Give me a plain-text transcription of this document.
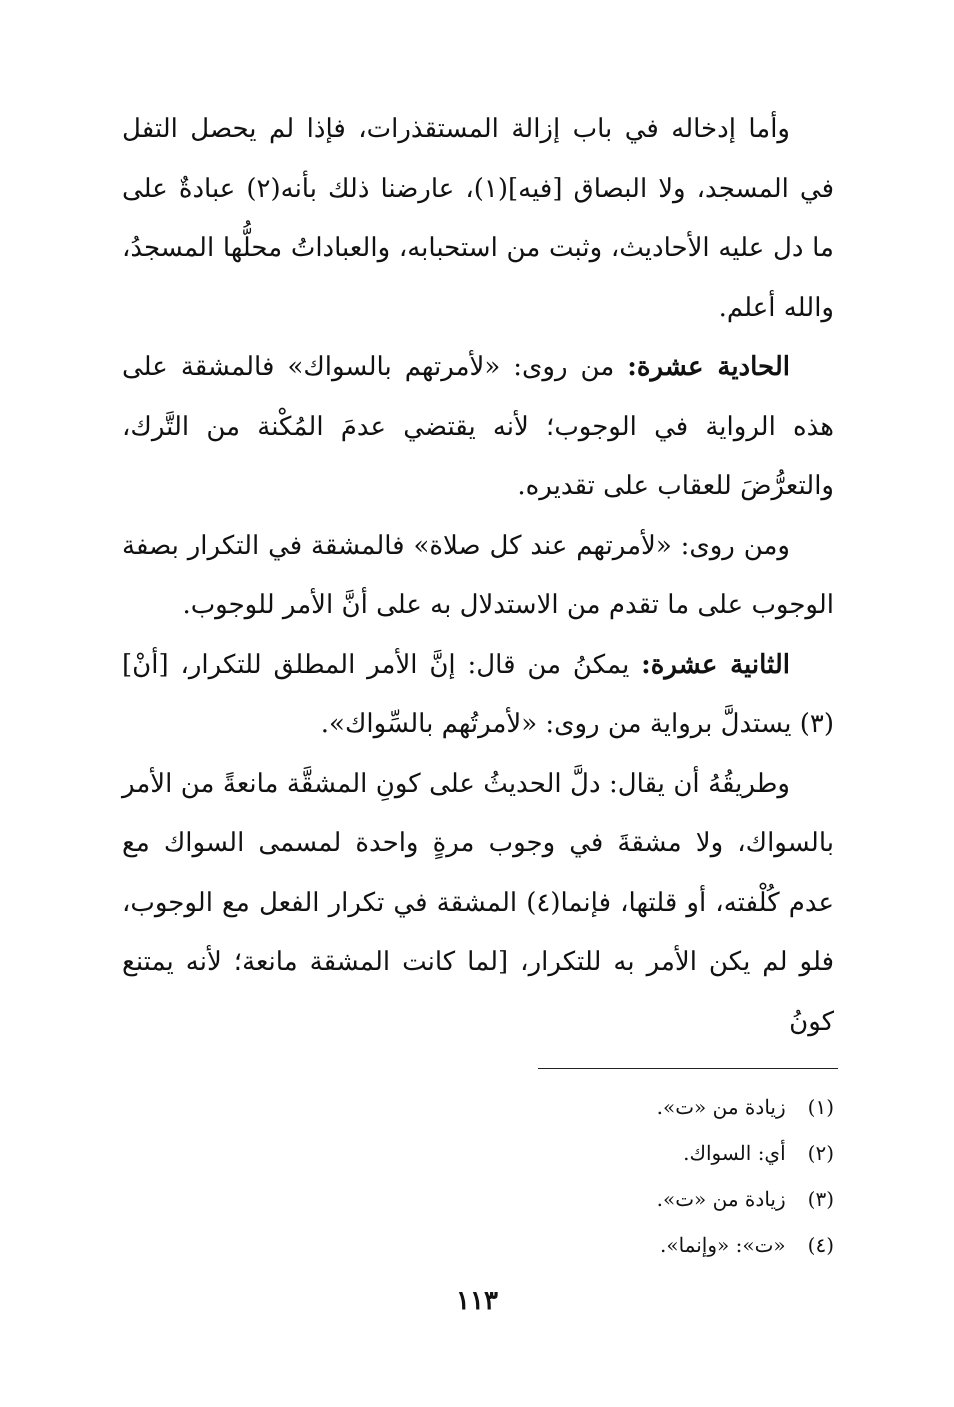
وأما إدخاله في باب إزالة المستقذرات، فإذا لم يحصل التفل في المسجد، ولا البصاق [فيه](١)، عارضنا ذلك بأنه(٢) عبادةٌ على ما دل عليه الأحاديث، وثبت من استحبابه، والعباداتُ محلُّها المسجدُ، والله أعلم.

الحادية عشرة: من روى: «لأمرتهم بالسواك» فالمشقة على هذه الرواية في الوجوب؛ لأنه يقتضي عدمَ المُكْنة من التَّرك، والتعرُّضَ للعقاب على تقديره.

ومن روى: «لأمرتهم عند كل صلاة» فالمشقة في التكرار بصفة الوجوب على ما تقدم من الاستدلال به على أنَّ الأمر للوجوب.

الثانية عشرة: يمكنُ من قال: إنَّ الأمر المطلق للتكرار، [أنْ](٣) يستدلَّ برواية من روى: «لأمرتُهم بالسِّواك».

وطريقُهُ أن يقال: دلَّ الحديثُ على كونِ المشقَّة مانعةً من الأمر بالسواك، ولا مشقةَ في وجوب مرةٍ واحدة لمسمى السواك مع عدم كُلْفته، أو قلتها، فإنما(٤) المشقة في تكرار الفعل مع الوجوب، فلو لم يكن الأمر به للتكرار، [لما كانت المشقة مانعة؛ لأنه يمتنع كونُ

(١) زيادة من «ت».
(٢) أي: السواك.
(٣) زيادة من «ت».
(٤) «ت»: «وإنما».
١١٣
